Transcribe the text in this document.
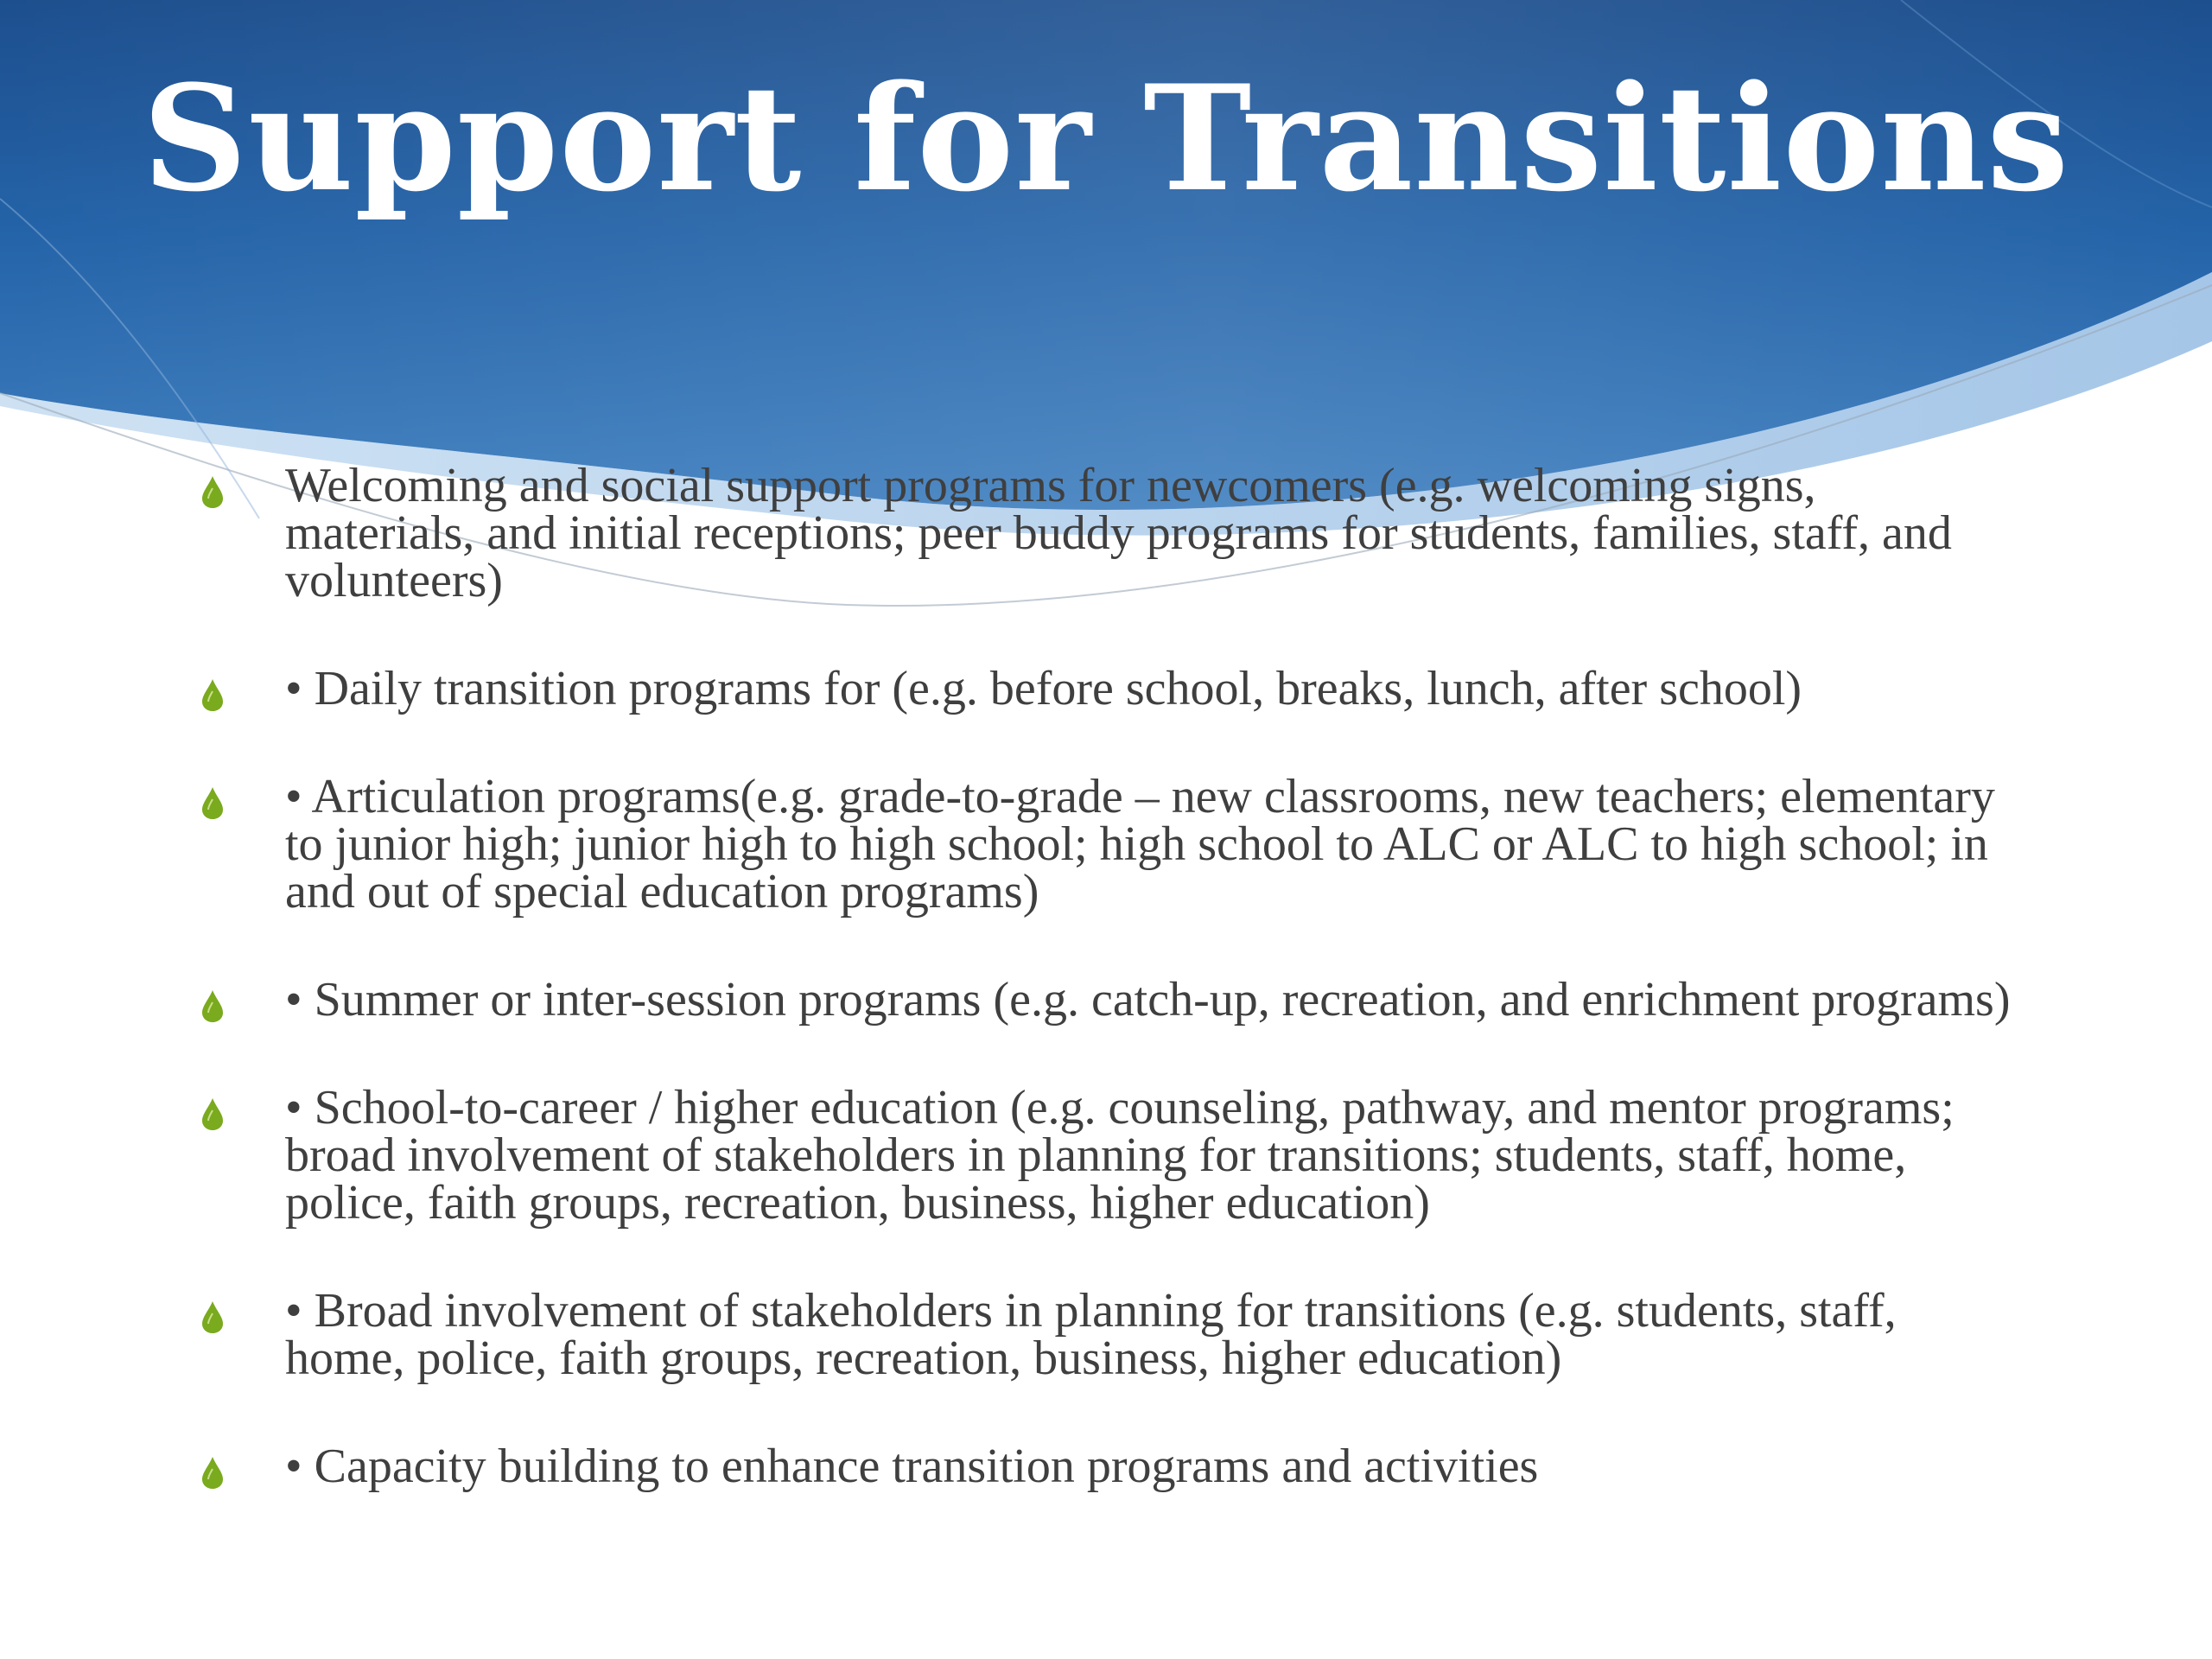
Support for Transitions
Welcoming and social support programs for newcomers (e.g. welcoming signs, materials, and initial receptions; peer buddy programs for students, families, staff, and volunteers)
• Daily transition programs for (e.g. before school, breaks, lunch, after school)
• Articulation programs(e.g. grade-to-grade – new classrooms, new teachers; elementary to junior high; junior high to high school; high school to ALC or ALC to high school; in and out of special education programs)
• Summer or inter-session programs (e.g. catch-up, recreation, and enrichment programs)
• School-to-career / higher education (e.g. counseling, pathway, and mentor programs; broad involvement of stakeholders in planning for transitions; students, staff, home, police, faith groups, recreation, business, higher education)
• Broad involvement of stakeholders in planning for transitions (e.g. students, staff, home, police, faith groups, recreation, business, higher education)
• Capacity building to enhance transition programs and activities
